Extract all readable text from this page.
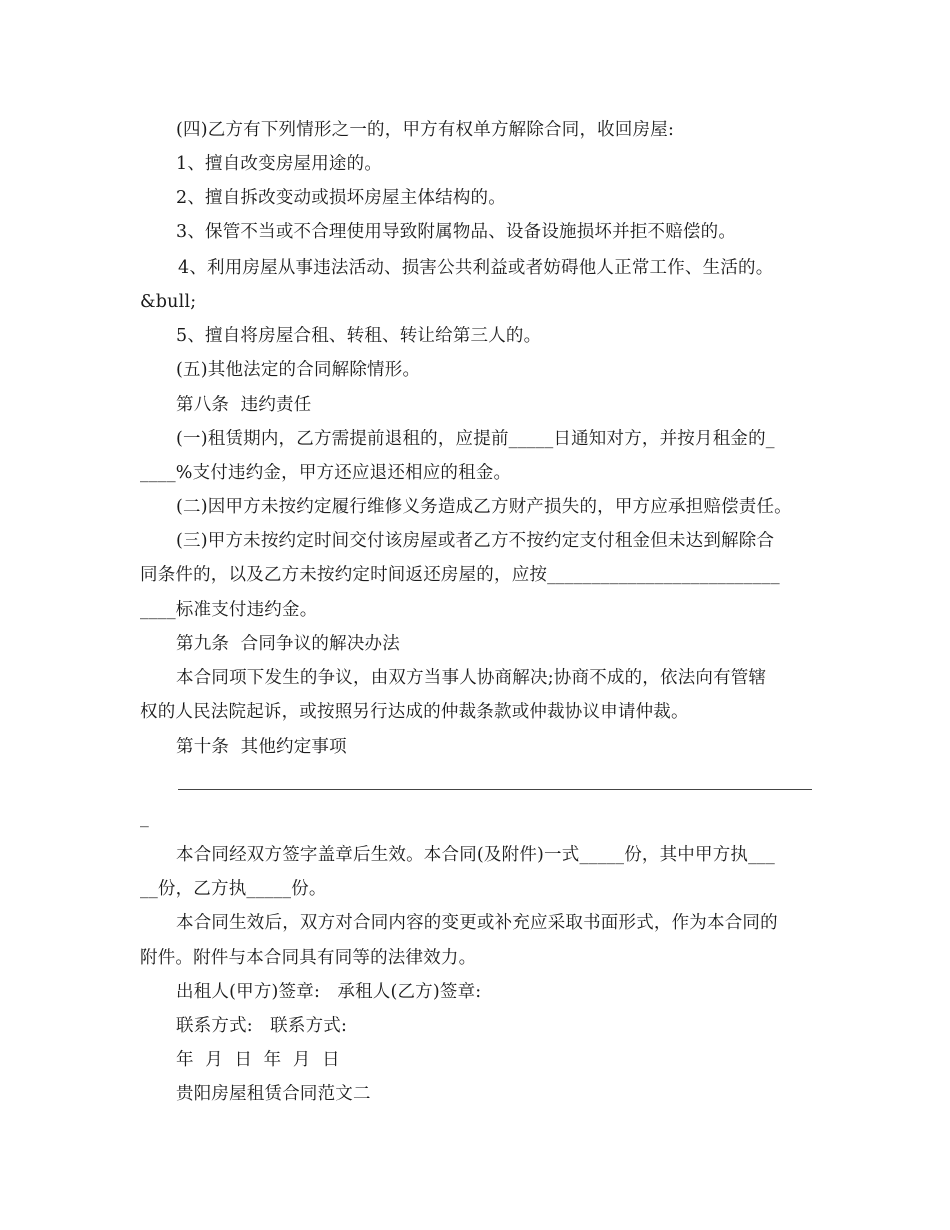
(四)乙方有下列情形之一的，甲方有权单方解除合同，收回房屋:
1、擅自改变房屋用途的。
2、擅自拆改变动或损坏房屋主体结构的。
3、保管不当或不合理使用导致附属物品、设备设施损坏并拒不赔偿的。
4、利用房屋从事违法活动、损害公共利益或者妨碍他人正常工作、生活的。
&bull;
5、擅自将房屋合租、转租、转让给第三人的。
(五)其他法定的合同解除情形。
第八条  违约责任
(一)租赁期内，乙方需提前退租的，应提前_____日通知对方，并按月租金的_
____%支付违约金，甲方还应退还相应的租金。
(二)因甲方未按约定履行维修义务造成乙方财产损失的，甲方应承担赔偿责任。
(三)甲方未按约定时间交付该房屋或者乙方不按约定支付租金但未达到解除合
同条件的，以及乙方未按约定时间返还房屋的，应按__________________________
____标准支付违约金。
第九条  合同争议的解决办法
本合同项下发生的争议，由双方当事人协商解决;协商不成的，依法向有管辖
权的人民法院起诉，或按照另行达成的仲裁条款或仲裁协议申请仲裁。
第十条  其他约定事项
_
本合同经双方签字盖章后生效。本合同(及附件)一式_____份，其中甲方执___
__份，乙方执_____份。
本合同生效后，双方对合同内容的变更或补充应采取书面形式，作为本合同的
附件。附件与本合同具有同等的法律效力。
出租人(甲方)签章:   承租人(乙方)签章:
联系方式:   联系方式:
年  月  日  年  月  日
贵阳房屋租赁合同范文二
